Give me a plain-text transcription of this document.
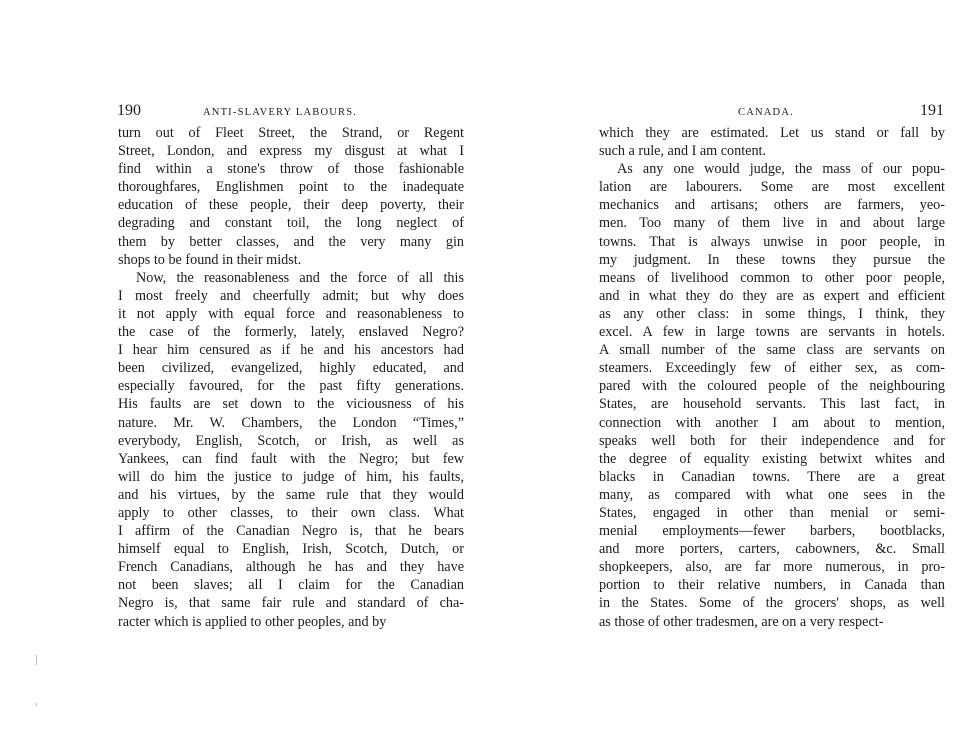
190	ANTI-SLAVERY LABOURS.
turn out of Fleet Street, the Strand, or Regent
Street, London, and express my disgust at what I
find within a stone's throw of those fashionable
thoroughfares, Englishmen point to the inadequate
education of these people, their deep poverty, their
degrading and constant toil, the long neglect of
them by better classes, and the very many gin
shops to be found in their midst.
Now, the reasonableness and the force of all this
I most freely and cheerfully admit; but why does
it not apply with equal force and reasonableness to
the case of the formerly, lately, enslaved Negro?
I hear him censured as if he and his ancestors had
been civilized, evangelized, highly educated, and
especially favoured, for the past fifty generations.
His faults are set down to the viciousness of his
nature. Mr. W. Chambers, the London “Times,”
everybody, English, Scotch, or Irish, as well as
Yankees, can find fault with the Negro; but few
will do him the justice to judge of him, his faults,
and his virtues, by the same rule that they would
apply to other classes, to their own class. What
I affirm of the Canadian Negro is, that he bears
himself equal to English, Irish, Scotch, Dutch, or
French Canadians, although he has and they have
not been slaves; all I claim for the Canadian
Negro is, that same fair rule and standard of cha-
racter which is applied to other peoples, and by
CANADA.	191
which they are estimated. Let us stand or fall by
such a rule, and I am content.
As any one would judge, the mass of our popu-
lation are labourers. Some are most excellent
mechanics and artisans; others are farmers, yeo-
men. Too many of them live in and about large
towns. That is always unwise in poor people, in
my judgment. In these towns they pursue the
means of livelihood common to other poor people,
and in what they do they are as expert and efficient
as any other class: in some things, I think, they
excel. A few in large towns are servants in hotels.
A small number of the same class are servants on
steamers. Exceedingly few of either sex, as com-
pared with the coloured people of the neighbouring
States, are household servants. This last fact, in
connection with another I am about to mention,
speaks well both for their independence and for
the degree of equality existing betwixt whites and
blacks in Canadian towns. There are a great
many, as compared with what one sees in the
States, engaged in other than menial or semi-
menial employments—fewer barbers, bootblacks,
and more porters, carters, cabowners, &c. Small
shopkeepers, also, are far more numerous, in pro-
portion to their relative numbers, in Canada than
in the States. Some of the grocers' shops, as well
as those of other tradesmen, are on a very respect-
